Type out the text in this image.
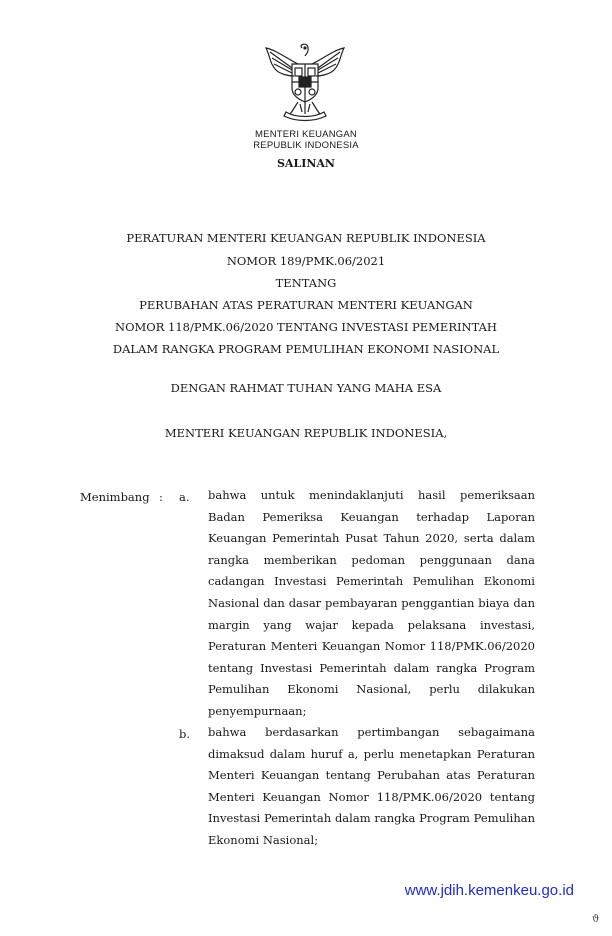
MENTERI KEUANGAN
REPUBLIK INDONESIA
SALINAN
PERATURAN MENTERI KEUANGAN REPUBLIK INDONESIA
NOMOR 189/PMK.06/2021
TENTANG
PERUBAHAN ATAS PERATURAN MENTERI KEUANGAN
NOMOR 118/PMK.06/2020 TENTANG INVESTASI PEMERINTAH
DALAM RANGKA PROGRAM PEMULIHAN EKONOMI NASIONAL
DENGAN RAHMAT TUHAN YANG MAHA ESA
MENTERI KEUANGAN REPUBLIK INDONESIA,
Menimbang : a. bahwa untuk menindaklanjuti hasil pemeriksaan
Badan Pemeriksa Keuangan terhadap Laporan
Keuangan Pemerintah Pusat Tahun 2020, serta dalam
rangka memberikan pedoman penggunaan dana
cadangan Investasi Pemerintah Pemulihan Ekonomi
Nasional dan dasar pembayaran penggantian biaya dan
margin yang wajar kepada pelaksana investasi,
Peraturan Menteri Keuangan Nomor 118/PMK.06/2020
tentang Investasi Pemerintah dalam rangka Program
Pemulihan Ekonomi Nasional, perlu dilakukan
penyempurnaan;
b. bahwa berdasarkan pertimbangan sebagaimana
dimaksud dalam huruf a, perlu menetapkan Peraturan
Menteri Keuangan tentang Perubahan atas Peraturan
Menteri Keuangan Nomor 118/PMK.06/2020 tentang
Investasi Pemerintah dalam rangka Program Pemulihan
Ekonomi Nasional;
www.jdih.kemenkeu.go.id
ϑ
